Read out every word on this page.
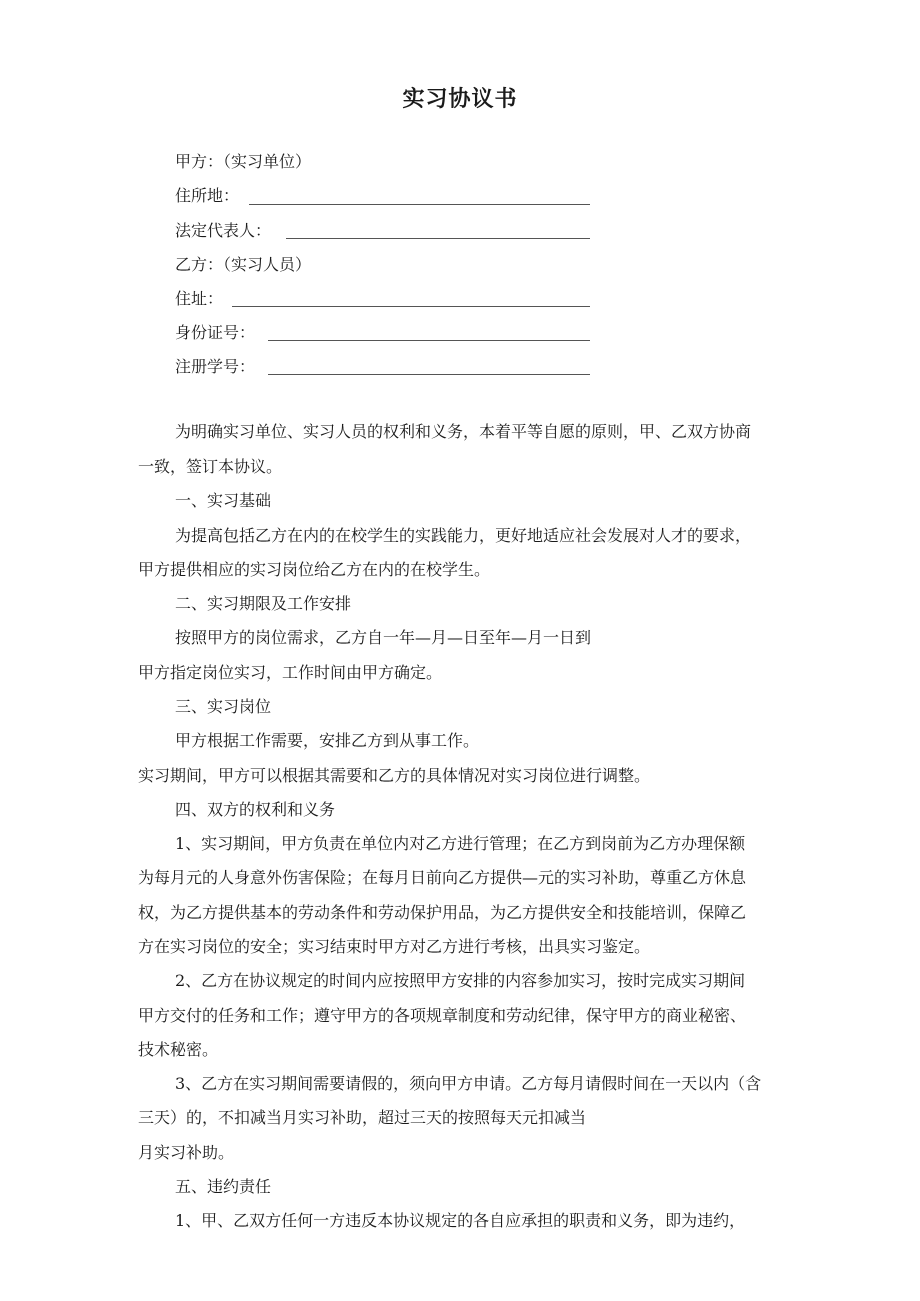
实习协议书
甲方：（实习单位）
住所地：
法定代表人：
乙方：（实习人员）
住址：
身份证号：
注册学号：
为明确实习单位、实习人员的权利和义务，本着平等自愿的原则，甲、乙双方协商
一致，签订本协议。
一、实习基础
为提高包括乙方在内的在校学生的实践能力，更好地适应社会发展对人才的要求，
甲方提供相应的实习岗位给乙方在内的在校学生。
二、实习期限及工作安排
按照甲方的岗位需求，乙方自一年—月—日至年—月一日到
甲方指定岗位实习，工作时间由甲方确定。
三、实习岗位
甲方根据工作需要，安排乙方到从事工作。
实习期间，甲方可以根据其需要和乙方的具体情况对实习岗位进行调整。
四、双方的权利和义务
1、实习期间，甲方负责在单位内对乙方进行管理；在乙方到岗前为乙方办理保额
为每月元的人身意外伤害保险；在每月日前向乙方提供—元的实习补助，尊重乙方休息
权，为乙方提供基本的劳动条件和劳动保护用品，为乙方提供安全和技能培训，保障乙
方在实习岗位的安全；实习结束时甲方对乙方进行考核，出具实习鉴定。
2、乙方在协议规定的时间内应按照甲方安排的内容参加实习，按时完成实习期间
甲方交付的任务和工作；遵守甲方的各项规章制度和劳动纪律，保守甲方的商业秘密、
技术秘密。
3、乙方在实习期间需要请假的，须向甲方申请。乙方每月请假时间在一天以内（含
三天）的，不扣减当月实习补助，超过三天的按照每天元扣减当
月实习补助。
五、违约责任
1、甲、乙双方任何一方违反本协议规定的各自应承担的职责和义务，即为违约，
